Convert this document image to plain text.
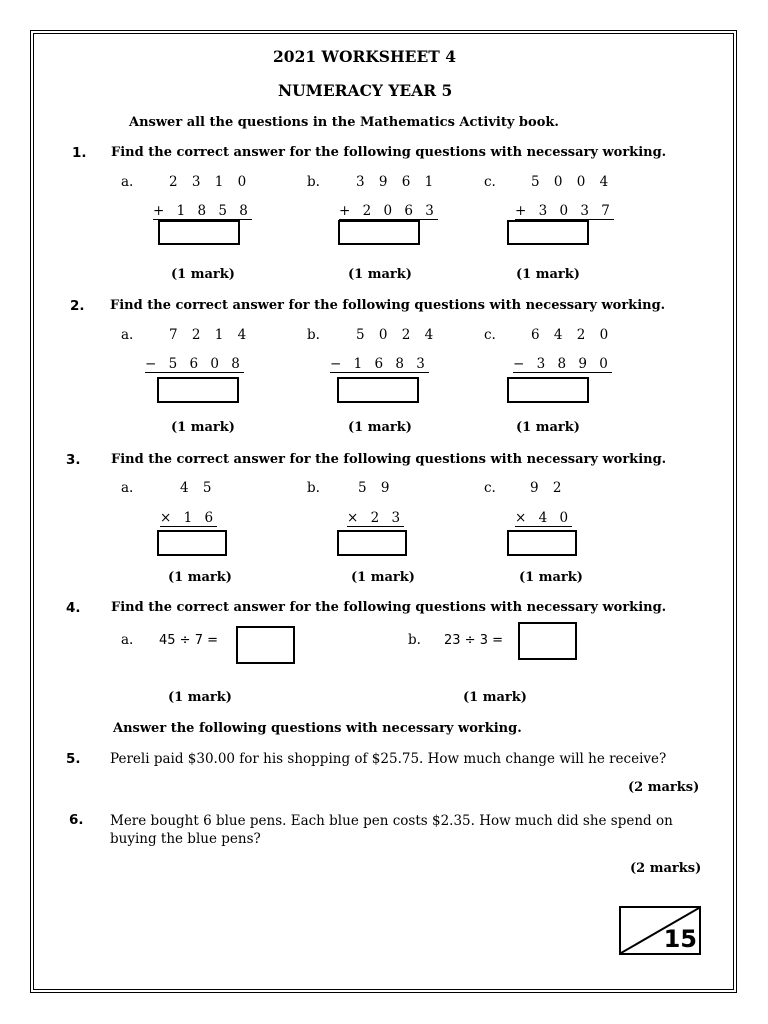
2021 WORKSHEET 4
NUMERACY YEAR 5
Answer all the questions in the Mathematics Activity book.
1. Find the correct answer for the following questions with necessary working.
a.	2 3 1 0
+ 1 8 5 8
(1 mark)
b.	3 9 6 1
+ 2 0 6 3
(1 mark)
c.	5 0 0 4
+ 3 0 3 7
(1 mark)
2. Find the correct answer for the following questions with necessary working.
a.	7 2 1 4
− 5 6 0 8
(1 mark)
b.	5 0 2 4
− 1 6 8 3
(1 mark)
c.	6 4 2 0
− 3 8 9 0
(1 mark)
3. Find the correct answer for the following questions with necessary working.
a.	4 5
× 1 6
(1 mark)
b.	5 9
× 2 3
(1 mark)
c.	9 2
× 4 0
(1 mark)
4. Find the correct answer for the following questions with necessary working.
a. 45 ÷ 7 =
(1 mark)
b. 23 ÷ 3 =
(1 mark)
Answer the following questions with necessary working.
5. Pereli paid $30.00 for his shopping of $25.75. How much change will he receive?
(2 marks)
6. Mere bought 6 blue pens. Each blue pen costs $2.35. How much did she spend on buying the blue pens?
(2 marks)
15
